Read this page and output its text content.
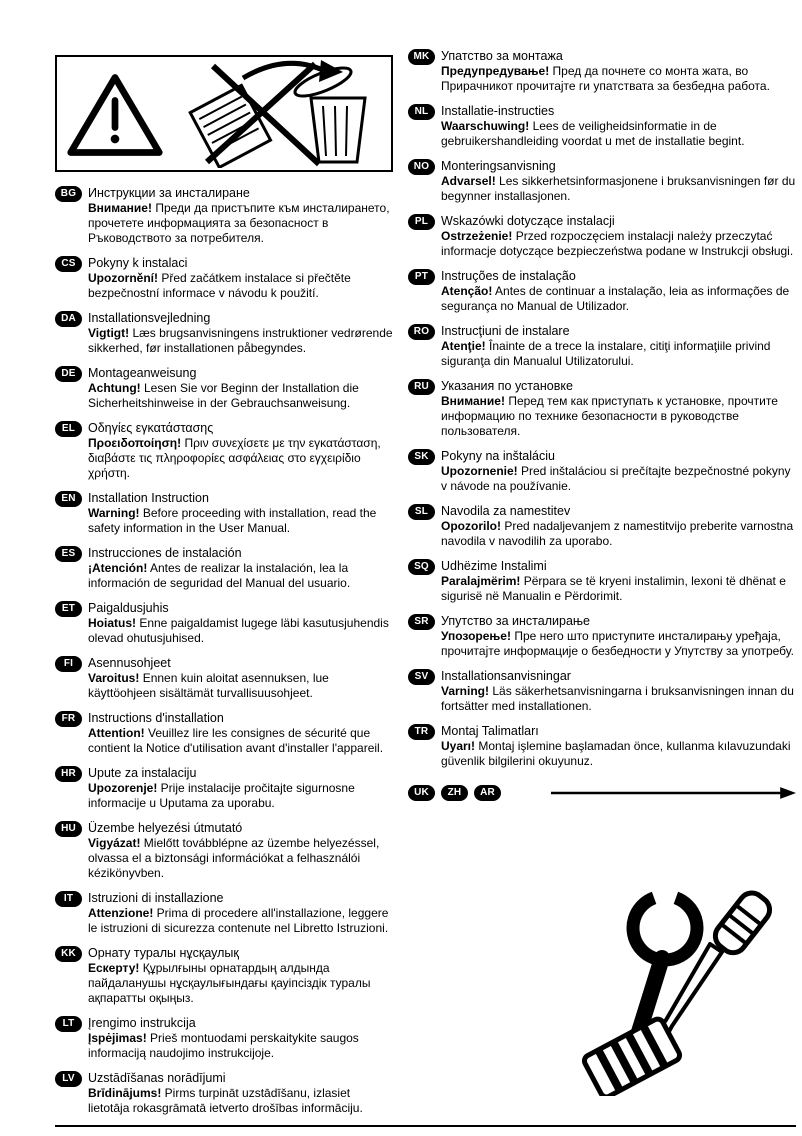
BG Инструкции за инсталиране
Внимание! Преди да пристъпите към инсталирането, прочетете информацията за безопасност в Ръководството за потребителя.
CS Pokyny k instalaci
Upozornění! Před začátkem instalace si přečtěte bezpečnostní informace v návodu k použití.
DA Installationsvejledning
Vigtigt! Læs brugsanvisningens instruktioner vedrørende sikkerhed, før installationen påbegyndes.
DE Montageanweisung
Achtung! Lesen Sie vor Beginn der Installation die Sicherheitshinweise in der Gebrauchsanweisung.
EL	Οδηγίες εγκατάστασης
Προειδοποίηση! Πριν συνεχίσετε με την εγκατάσταση, διαβάστε τις πληροφορίες ασφάλειας στο εγχειρίδιο χρήστη.
EN Installation Instruction
Warning! Before proceeding with installation, read the safety information in the User Manual.
ES	Instrucciones de instalación
¡Atención! Antes de realizar la instalación, lea la información de seguridad del Manual del usuario.
ET	Paigaldusjuhis
Hoiatus! Enne paigaldamist lugege läbi kasutusjuhendis olevad ohutusjuhised.
FI	Asennusohjeet
Varoitus! Ennen kuin aloitat asennuksen, lue käyttöohjeen sisältämät turvallisuusohjeet.
FR	Instructions d'installation
Attention! Veuillez lire les consignes de sécurité que contient la Notice d'utilisation avant d'installer l'appareil.
HR Upute za instalaciju
Upozorenje! Prije instalacije pročitajte sigurnosne informacije u Uputama za uporabu.
HU Üzembe helyezési útmutató
Vigyázat! Mielőtt továbblépne az üzembe helyezéssel, olvassa el a biztonsági információkat a felhasználói kézikönyvben.
IT	Istruzioni di installazione
Attenzione! Prima di procedere all'installazione, leggere le istruzioni di sicurezza contenute nel Libretto Istruzioni.
KK Орнату туралы нұсқаулық
Ескерту! Құрылғыны орнатардың алдында пайдаланушы нұсқаулығындағы қауіпсіздік туралы ақпаратты оқыңыз.
LT	Įrengimo instrukcija
Įspėjimas! Prieš montuodami perskaitykite saugos informaciją naudojimo instrukcijoje.
LV	Uzstādīšanas norādījumi
Brīdinājums! Pirms turpināt uzstādīšanu, izlasiet lietotāja rokasgrāmatā ietverto drošības informāciju.
MK Упатство за монтажа
Предупредување! Пред да почнете со монта жата, во Прирачникот прочитајте ги упатствата за безбедна работа.
NL	Installatie-instructies
Waarschuwing! Lees de veiligheidsinformatie in de gebruikershandleiding voordat u met de installatie begint.
NO Monteringsanvisning
Advarsel! Les sikkerhetsinformasjonene i bruksanvisningen før du begynner installasjonen.
PL	Wskazówki dotyczące instalacji
Ostrzeżenie! Przed rozpoczęciem instalacji należy przeczytać informacje dotyczące bezpieczeństwa podane w Instrukcji obsługi.
PT	Instruções de instalação
Atenção! Antes de continuar a instalação, leia as informações de segurança no Manual de Utilizador.
RO Instrucţiuni de instalare
Atenţie! Înainte de a trece la instalare, citiţi informaţiile privind siguranţa din Manualul Utilizatorului.
RU Указания по установке
Внимание! Перед тем как приступать к установке, прочтите информацию по технике безопасности в руководстве пользователя.
SK Pokyny na inštaláciu
Upozornenie! Pred inštaláciou si prečítajte bezpečnostné pokyny v návode na používanie.
SL	Navodila za namestitev
Opozorilo! Pred nadaljevanjem z namestitvijo preberite varnostna navodila v navodilih za uporabo.
SQ Udhëzime Instalimi
Paralajmërim! Përpara se të kryeni instalimin, lexoni të dhënat e sigurisë në Manualin e Përdorimit.
SR Упутство за инсталирање
Упозорење! Пре него што приступите инсталирању уређаја, прочитајте информације о безбедности у Упутству за употребу.
SV	Installationsanvisningar
Varning! Läs säkerhetsanvisningarna i bruksanvisningen innan du fortsätter med installationen.
TR	Montaj Talimatları
Uyarı! Montaj işlemine başlamadan önce, kullanma kılavuzundaki güvenlik bilgilerini okuyunuz.
UK	ZH	AR
